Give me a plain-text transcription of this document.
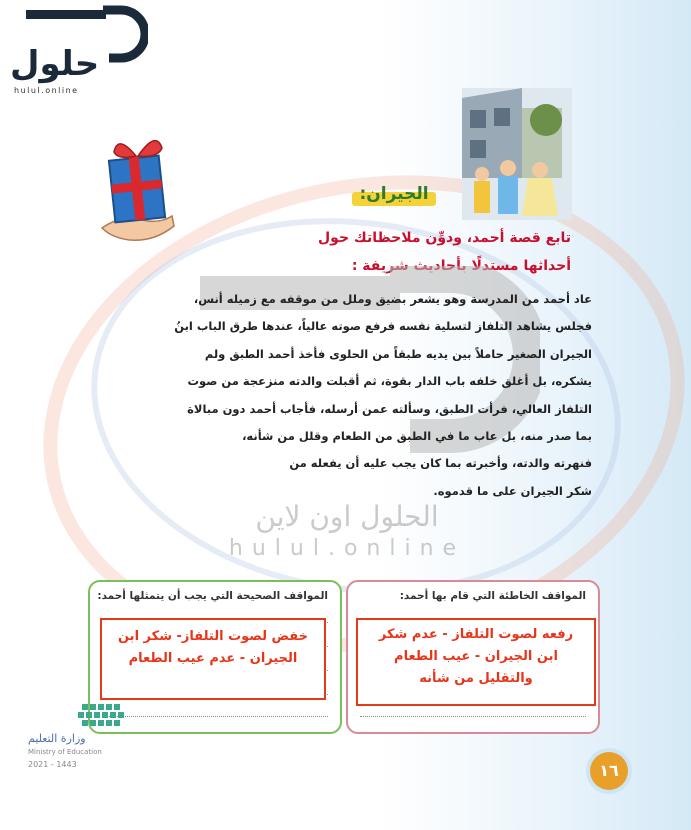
حلول
hulul.online
الجيران:
تابع قصة أحمد، ودوِّن ملاحظاتك حول
أحداثها مستدلًا بأحاديث شريفة :
الحلول اون لاين
hulul.online
عاد أحمد من المدرسة وهو يشعر بضيق وملل من موقفه مع زميله أنس،
فجلس يشاهد التلفاز لتسلية نفسه فرفع صوته عالياً، عندها طرق الباب ابنُ
الجيران الصغير حاملاً بين يديه طبقاً من الحلوى فأخذ أحمد الطبق ولم
يشكره، بل أغلق خلفه باب الدار بقوة، ثم أقبلت والدته منزعجة من صوت
التلفاز العالي، فرأت الطبق، وسألته عمن أرسله، فأجاب أحمد دون مبالاة
بما صدر منه، بل عاب ما في الطبق من الطعام وقلل من شأنه،
فنهرته والدته، وأخبرته بما كان يجب عليه أن يفعله من
شكر الجيران على ما قدموه.
المواقف الصحيحة التي يجب أن يتمثلها أحمد:
خفض لصوت التلفاز- شكر ابن
الجيران - عدم عيب الطعام
المواقف الخاطئة التي قام بها أحمد:
رفعه لصوت التلفاز - عدم شكر
ابن الجيران - عيب الطعام
والتقليل من شأنه
وزارة التعليم
Ministry of Education
2021 - 1443	١٦
